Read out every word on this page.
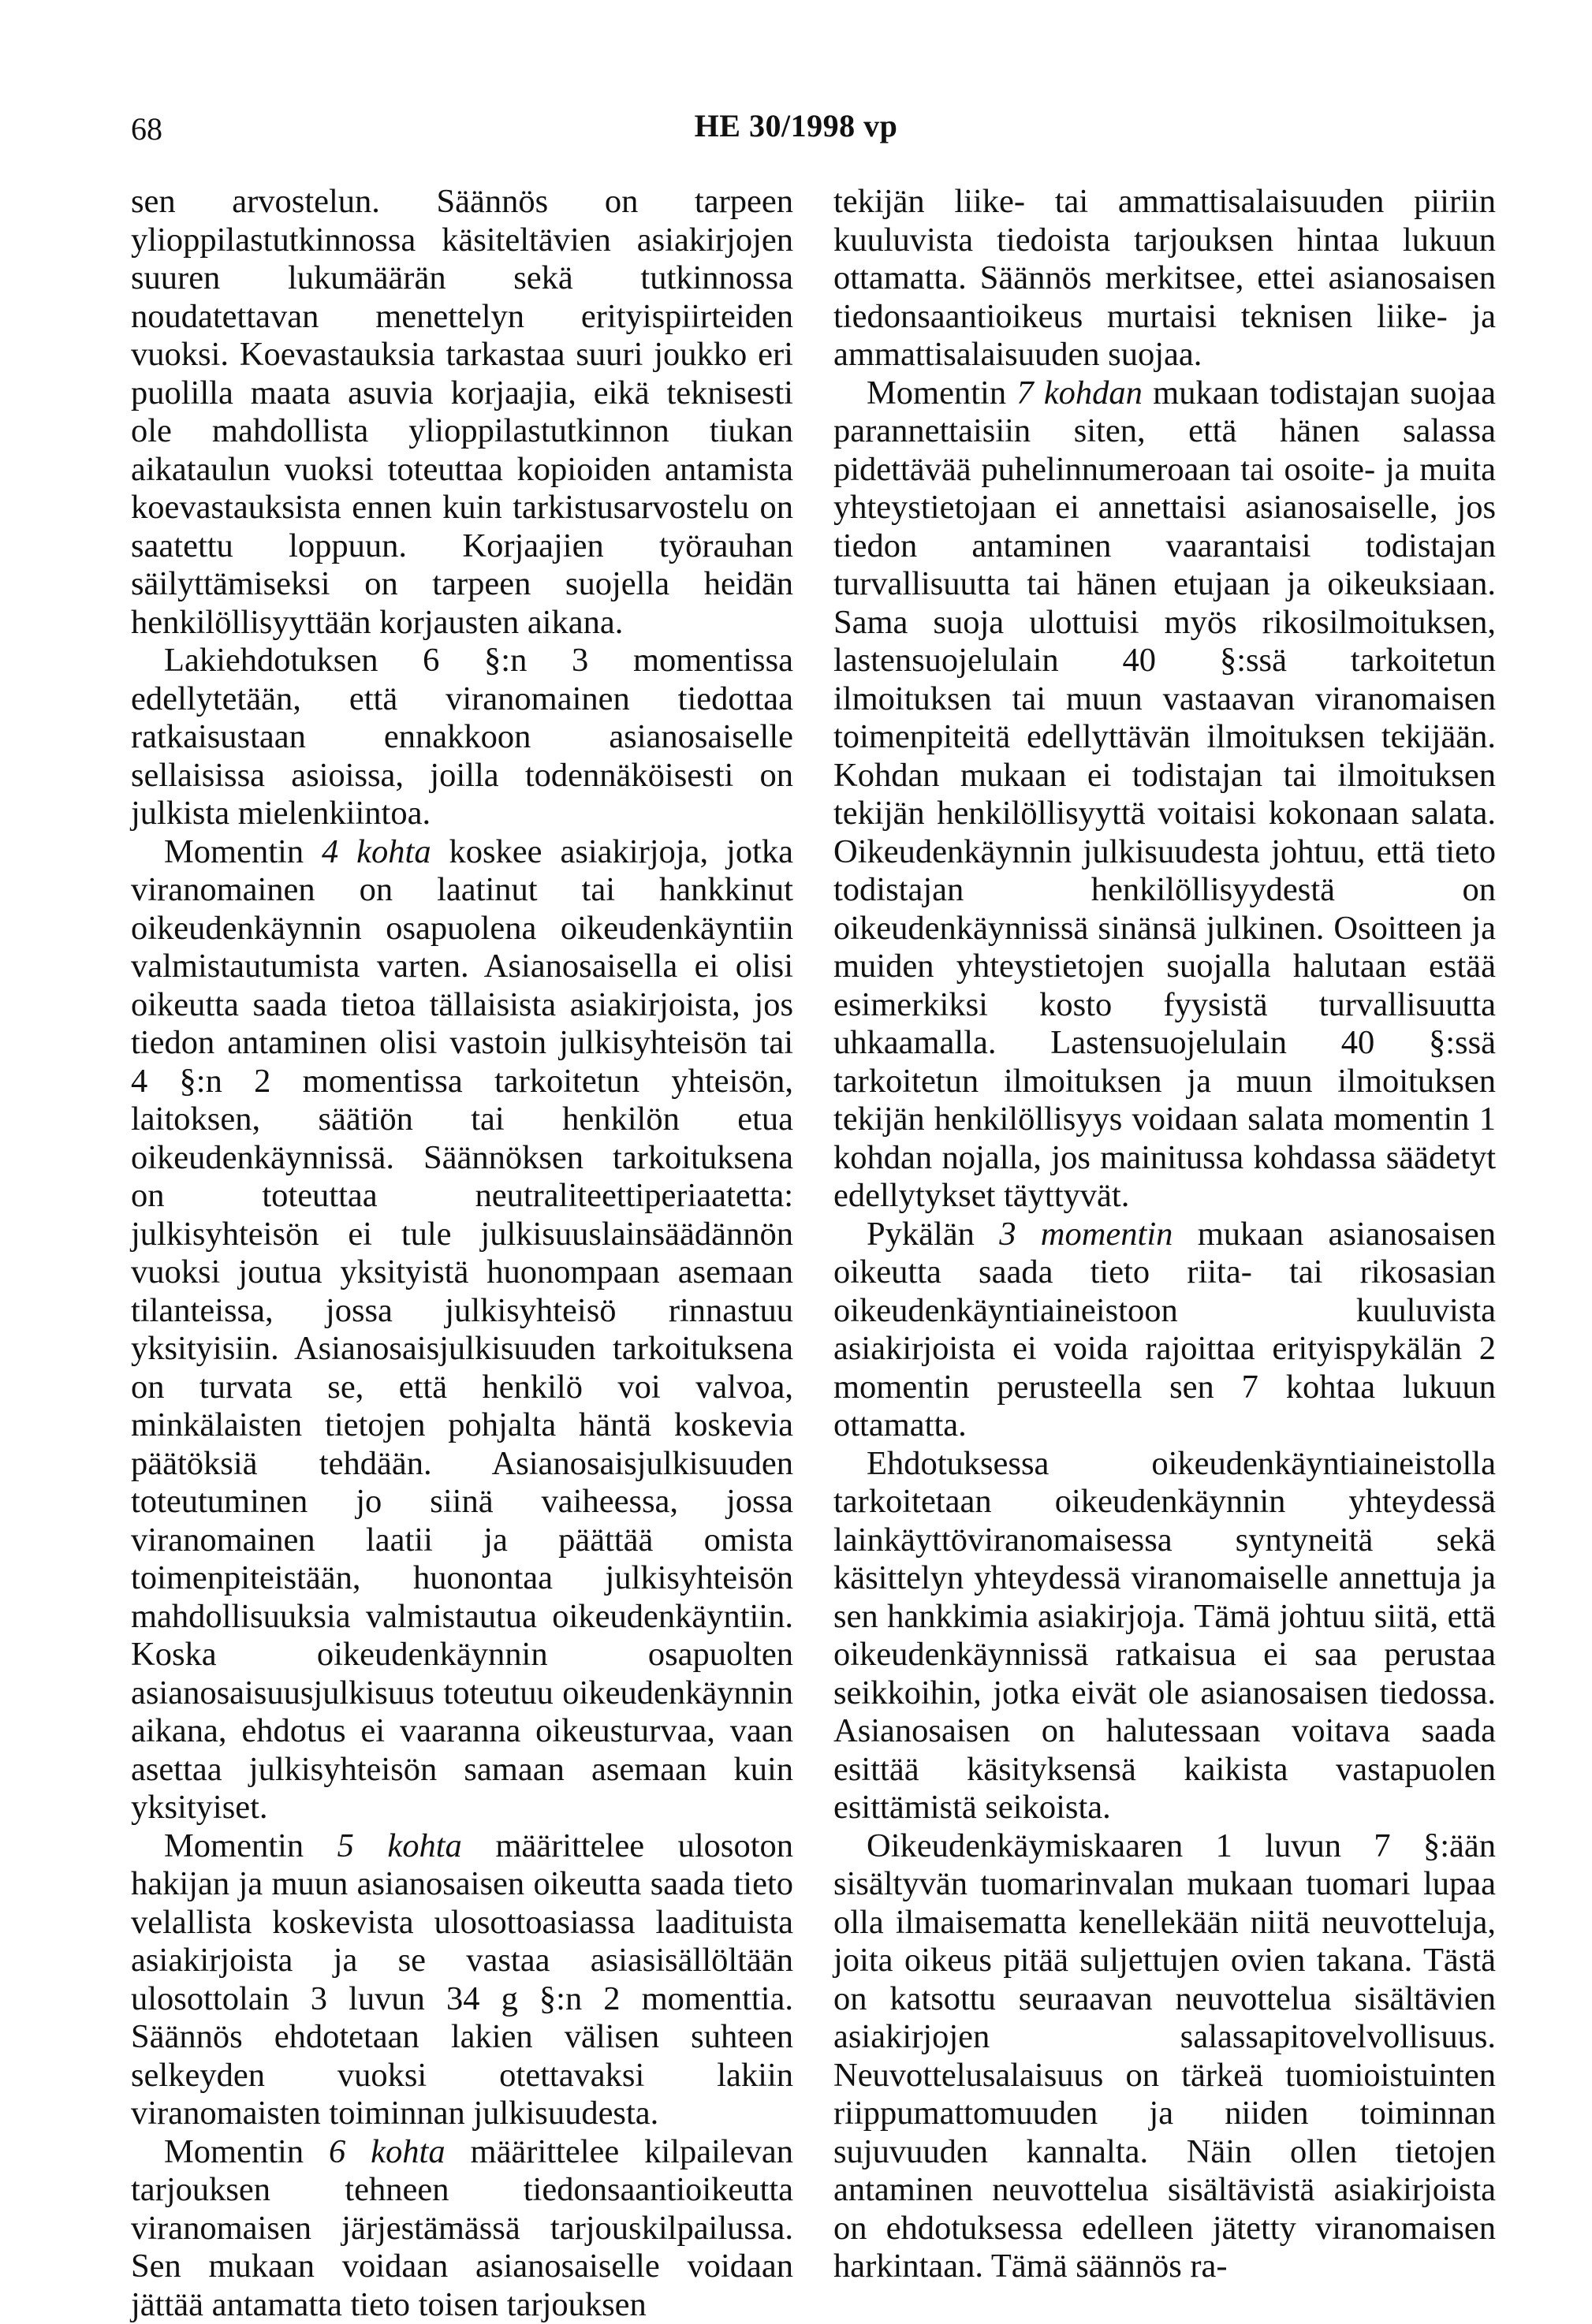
68	HE 30/1998 vp

sen arvostelun. Säännös on tarpeen ylioppilastutkinnossa käsiteltävien asiakirjojen suuren lukumäärän sekä tutkinnossa noudatettavan menettelyn erityispiirteiden vuoksi. Koevastauksia tarkastaa suuri joukko eri puolilla maata asuvia korjaajia, eikä teknisesti ole mahdollista ylioppilastutkinnon tiukan aikataulun vuoksi toteuttaa kopioiden antamista koevastauksista ennen kuin tarkistusarvostelu on saatettu loppuun. Korjaajien työrauhan säilyttämiseksi on tarpeen suojella heidän henkilöllisyyttään korjausten aikana.

Lakiehdotuksen 6 §:n 3 momentissa edellytetään, että viranomainen tiedottaa ratkaisustaan ennakkoon asianosaiselle sellaisissa asioissa, joilla todennäköisesti on julkista mielenkiintoa.

Momentin 4 kohta koskee asiakirjoja, jotka viranomainen on laatinut tai hankkinut oikeudenkäynnin osapuolena oikeudenkäyntiin valmistautumista varten. Asianosaisella ei olisi oikeutta saada tietoa tällaisista asiakirjoista, jos tiedon antaminen olisi vastoin julkisyhteisön tai 4 §:n 2 momentissa tarkoitetun yhteisön, laitoksen, säätiön tai henkilön etua oikeudenkäynnissä. Säännöksen tarkoituksena on toteuttaa neutraliteettiperiaatetta: julkisyhteisön ei tule julkisuuslainsäädännön vuoksi joutua yksityistä huonompaan asemaan tilanteissa, jossa julkisyhteisö rinnastuu yksityisiin. Asianosaisjulkisuuden tarkoituksena on turvata se, että henkilö voi valvoa, minkälaisten tietojen pohjalta häntä koskevia päätöksiä tehdään. Asianosaisjulkisuuden toteutuminen jo siinä vaiheessa, jossa viranomainen laatii ja päättää omista toimenpiteistään, huonontaa julkisyhteisön mahdollisuuksia valmistautua oikeudenkäyntiin. Koska oikeudenkäynnin osapuolten asianosaisuusjulkisuus toteutuu oikeudenkäynnin aikana, ehdotus ei vaaranna oikeusturvaa, vaan asettaa julkisyhteisön samaan asemaan kuin yksityiset.

Momentin 5 kohta määrittelee ulosoton hakijan ja muun asianosaisen oikeutta saada tieto velallista koskevista ulosottoasiassa laadituista asiakirjoista ja se vastaa asiasisällöltään ulosottolain 3 luvun 34 g §:n 2 momenttia. Säännös ehdotetaan lakien välisen suhteen selkeyden vuoksi otettavaksi lakiin viranomaisten toiminnan julkisuudesta.

Momentin 6 kohta määrittelee kilpailevan tarjouksen tehneen tiedonsaantioikeutta viranomaisen järjestämässä tarjouskilpailussa. Sen mukaan voidaan asianosaiselle voidaan jättää antamatta tieto toisen tarjouksen

tekijän liike- tai ammattisalaisuuden piiriin kuuluvista tiedoista tarjouksen hintaa lukuun ottamatta. Säännös merkitsee, ettei asianosaisen tiedonsaantioikeus murtaisi teknisen liike- ja ammattisalaisuuden suojaa.

Momentin 7 kohdan mukaan todistajan suojaa parannettaisiin siten, että hänen salassa pidettävää puhelinnumeroaan tai osoite- ja muita yhteystietojaan ei annettaisi asianosaiselle, jos tiedon antaminen vaarantaisi todistajan turvallisuutta tai hänen etujaan ja oikeuksiaan. Sama suoja ulottuisi myös rikosilmoituksen, lastensuojelulain 40 §:ssä tarkoitetun ilmoituksen tai muun vastaavan viranomaisen toimenpiteitä edellyttävän ilmoituksen tekijään. Kohdan mukaan ei todistajan tai ilmoituksen tekijän henkilöllisyyttä voitaisi kokonaan salata. Oikeudenkäynnin julkisuudesta johtuu, että tieto todistajan henkilöllisyydestä on oikeudenkäynnissä sinänsä julkinen. Osoitteen ja muiden yhteystietojen suojalla halutaan estää esimerkiksi kosto fyysistä turvallisuutta uhkaamalla. Lastensuojelulain 40 §:ssä tarkoitetun ilmoituksen ja muun ilmoituksen tekijän henkilöllisyys voidaan salata momentin 1 kohdan nojalla, jos mainitussa kohdassa säädetyt edellytykset täyttyvät.

Pykälän 3 momentin mukaan asianosaisen oikeutta saada tieto riita- tai rikosasian oikeudenkäyntiaineistoon kuuluvista asiakirjoista ei voida rajoittaa erityispykälän 2 momentin perusteella sen 7 kohtaa lukuun ottamatta.

Ehdotuksessa oikeudenkäyntiaineistolla tarkoitetaan oikeudenkäynnin yhteydessä lainkäyttöviranomaisessa syntyneitä sekä käsittelyn yhteydessä viranomaiselle annettuja ja sen hankkimia asiakirjoja. Tämä johtuu siitä, että oikeudenkäynnissä ratkaisua ei saa perustaa seikkoihin, jotka eivät ole asianosaisen tiedossa. Asianosaisen on halutessaan voitava saada esittää käsityksensä kaikista vastapuolen esittämistä seikoista.

Oikeudenkäymiskaaren 1 luvun 7 §:ään sisältyvän tuomarinvalan mukaan tuomari lupaa olla ilmaisematta kenellekään niitä neuvotteluja, joita oikeus pitää suljettujen ovien takana. Tästä on katsottu seuraavan neuvottelua sisältävien asiakirjojen salassapitovelvollisuus. Neuvottelusalaisuus on tärkeä tuomioistuinten riippumattomuuden ja niiden toiminnan sujuvuuden kannalta. Näin ollen tietojen antaminen neuvottelua sisältävistä asiakirjoista on ehdotuksessa edelleen jätetty viranomaisen harkintaan. Tämä säännös ra-
